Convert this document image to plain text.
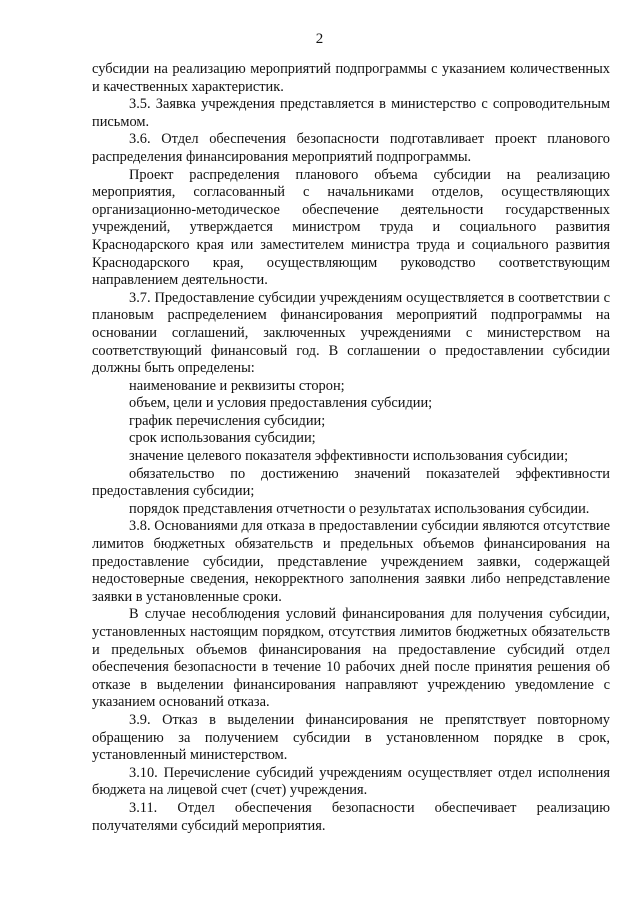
2

субсидии на реализацию мероприятий подпрограммы с указанием количественных и качественных характеристик.

3.5. Заявка учреждения представляется в министерство с сопроводительным письмом.

3.6. Отдел обеспечения безопасности подготавливает проект планового распределения финансирования мероприятий подпрограммы.

Проект распределения планового объема субсидии на реализацию мероприятия, согласованный с начальниками отделов, осуществляющих организационно-методическое обеспечение деятельности государственных учреждений, утверждается министром труда и социального развития Краснодарского края или заместителем министра труда и социального развития Краснодарского края, осуществляющим руководство соответствующим направлением деятельности.

3.7. Предоставление субсидии учреждениям осуществляется в соответствии с плановым распределением финансирования мероприятий подпрограммы на основании соглашений, заключенных учреждениями с министерством на соответствующий финансовый год. В соглашении о предоставлении субсидии должны быть определены:

наименование и реквизиты сторон;

объем, цели и условия предоставления субсидии;

график перечисления субсидии;

срок использования субсидии;

значение целевого показателя эффективности использования субсидии;

обязательство по достижению значений показателей эффективности предоставления субсидии;

порядок представления отчетности о результатах использования субсидии.

3.8. Основаниями для отказа в предоставлении субсидии являются отсутствие лимитов бюджетных обязательств и предельных объемов финансирования на предоставление субсидии, представление учреждением заявки, содержащей недостоверные сведения, некорректного заполнения заявки либо непредставление заявки в установленные сроки.

В случае несоблюдения условий финансирования для получения субсидии, установленных настоящим порядком, отсутствия лимитов бюджетных обязательств и предельных объемов финансирования на предоставление субсидий отдел обеспечения безопасности в течение 10 рабочих дней после принятия решения об отказе в выделении финансирования направляют учреждению уведомление с указанием оснований отказа.

3.9. Отказ в выделении финансирования не препятствует повторному обращению за получением субсидии в установленном порядке в срок, установленный министерством.

3.10. Перечисление субсидий учреждениям осуществляет отдел исполнения бюджета на лицевой счет (счет) учреждения.

3.11. Отдел обеспечения безопасности обеспечивает реализацию получателями субсидий мероприятия.
